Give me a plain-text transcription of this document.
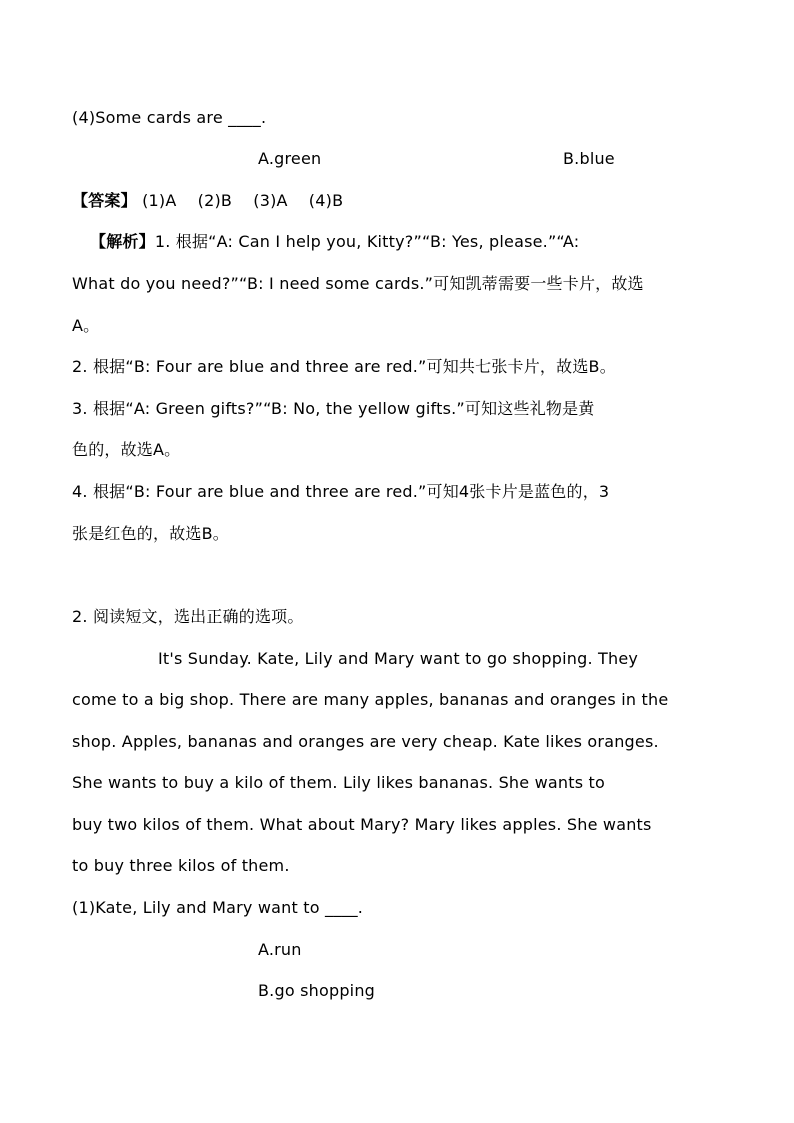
(4)Some cards are ____.
A.green	B.blue
【答案】 (1)A    (2)B    (3)A    (4)B
【解析】1. 根据“A: Can I help you, Kitty?”“B: Yes, please.”“A:
What do you need?”“B: I need some cards.”可知凯蒂需要一些卡片，故选
A。
2. 根据“B: Four are blue and three are red.”可知共七张卡片，故选B。
3. 根据“A: Green gifts?”“B: No, the yellow gifts.”可知这些礼物是黄
色的，故选A。
4. 根据“B: Four are blue and three are red.”可知4张卡片是蓝色的，3
张是红色的，故选B。
2. 阅读短文，选出正确的选项。
It's Sunday. Kate, Lily and Mary want to go shopping. They
come to a big shop. There are many apples, bananas and oranges in the
shop. Apples, bananas and oranges are very cheap. Kate likes oranges.
She wants to buy a kilo of them. Lily likes bananas. She wants to
buy two kilos of them. What about Mary? Mary likes apples. She wants
to buy three kilos of them.
(1)Kate, Lily and Mary want to ____.
A.run
B.go shopping
